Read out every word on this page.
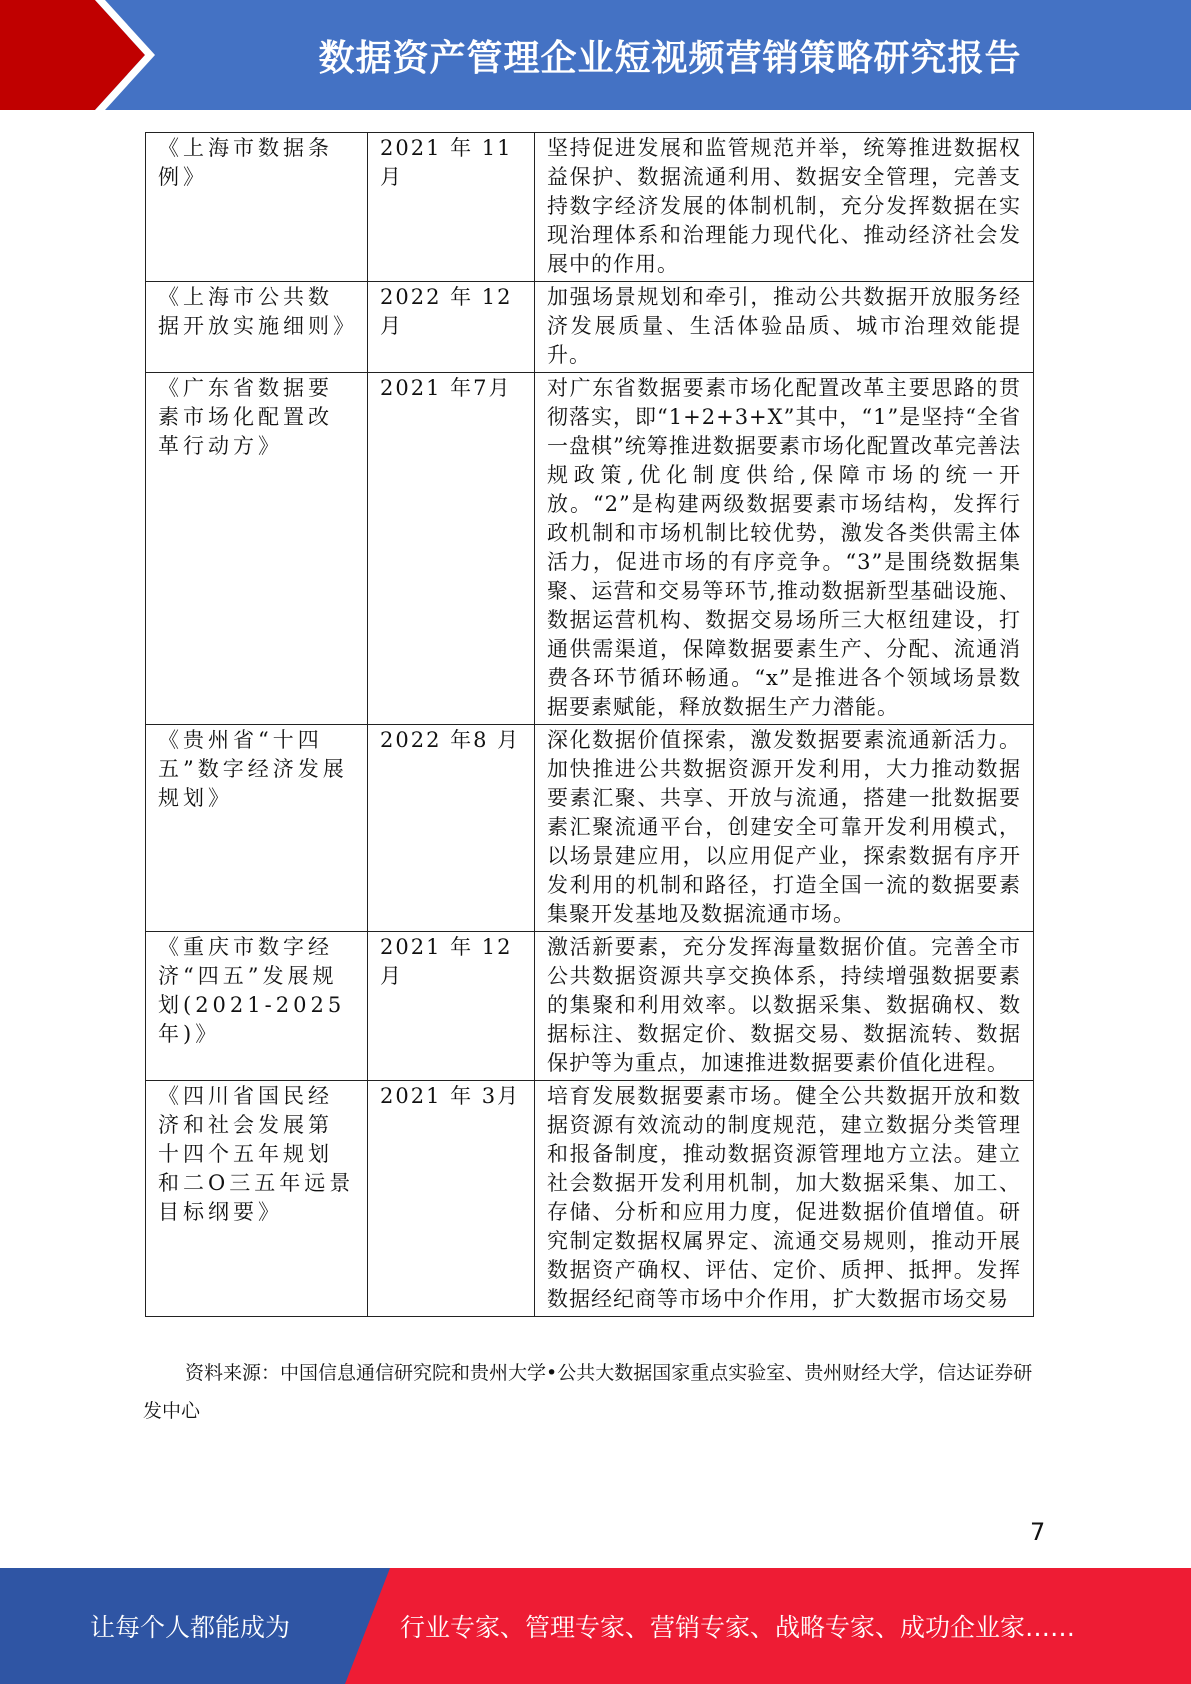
数据资产管理企业短视频营销策略研究报告
《上海市数据条例》	2021 年 11 月	坚持促进发展和监管规范并举，统筹推进数据权益保护、数据流通利用、数据安全管理，完善支持数字经济发展的体制机制，充分发挥数据在实现治理体系和治理能力现代化、推动经济社会发展中的作用。
《上海市公共数据开放实施细则》	2022 年 12 月	加强场景规划和牵引，推动公共数据开放服务经济发展质量、生活体验品质、城市治理效能提升。
《广东省数据要素市场化配置改革行动方》	2021 年7月	对广东省数据要素市场化配置改革主要思路的贯彻落实，即“1+2+3+X”其中，“1”是坚持“全省一盘棋”统筹推进数据要素市场化配置改革完善法规政策,优化制度供给,保障市场的统一开放。“2”是构建两级数据要素市场结构，发挥行政机制和市场机制比较优势，激发各类供需主体活力，促进市场的有序竞争。“3”是围绕数据集聚、运营和交易等环节,推动数据新型基础设施、数据运营机构、数据交易场所三大枢纽建设，打通供需渠道，保障数据要素生产、分配、流通消费各环节循环畅通。“x”是推进各个领域场景数据要素赋能，释放数据生产力潜能。
《贵州省“十四五”数字经济发展规划》	2022 年8 月	深化数据价值探索，激发数据要素流通新活力。加快推进公共数据资源开发利用，大力推动数据要素汇聚、共享、开放与流通，搭建一批数据要素汇聚流通平台，创建安全可靠开发利用模式，以场景建应用，以应用促产业，探索数据有序开发利用的机制和路径，打造全国一流的数据要素集聚开发基地及数据流通市场。
《重庆市数字经济“四五”发展规划(2021-2025 年)》	2021 年 12 月	激活新要素，充分发挥海量数据价值。完善全市公共数据资源共享交换体系，持续增强数据要素的集聚和利用效率。以数据采集、数据确权、数据标注、数据定价、数据交易、数据流转、数据保护等为重点，加速推进数据要素价值化进程。
《四川省国民经济和社会发展第十四个五年规划和二O三五年远景目标纲要》	2021 年 3月	培育发展数据要素市场。健全公共数据开放和数据资源有效流动的制度规范，建立数据分类管理和报备制度，推动数据资源管理地方立法。建立社会数据开发利用机制，加大数据采集、加工、存储、分析和应用力度，促进数据价值增值。研究制定数据权属界定、流通交易规则，推动开展数据资产确权、评估、定价、质押、抵押。发挥数据经纪商等市场中介作用，扩大数据市场交易
资料来源：中国信息通信研究院和贵州大学•公共大数据国家重点实验室、贵州财经大学，信达证券研发中心
7
让每个人都能成为	行业专家、管理专家、营销专家、战略专家、成功企业家……
